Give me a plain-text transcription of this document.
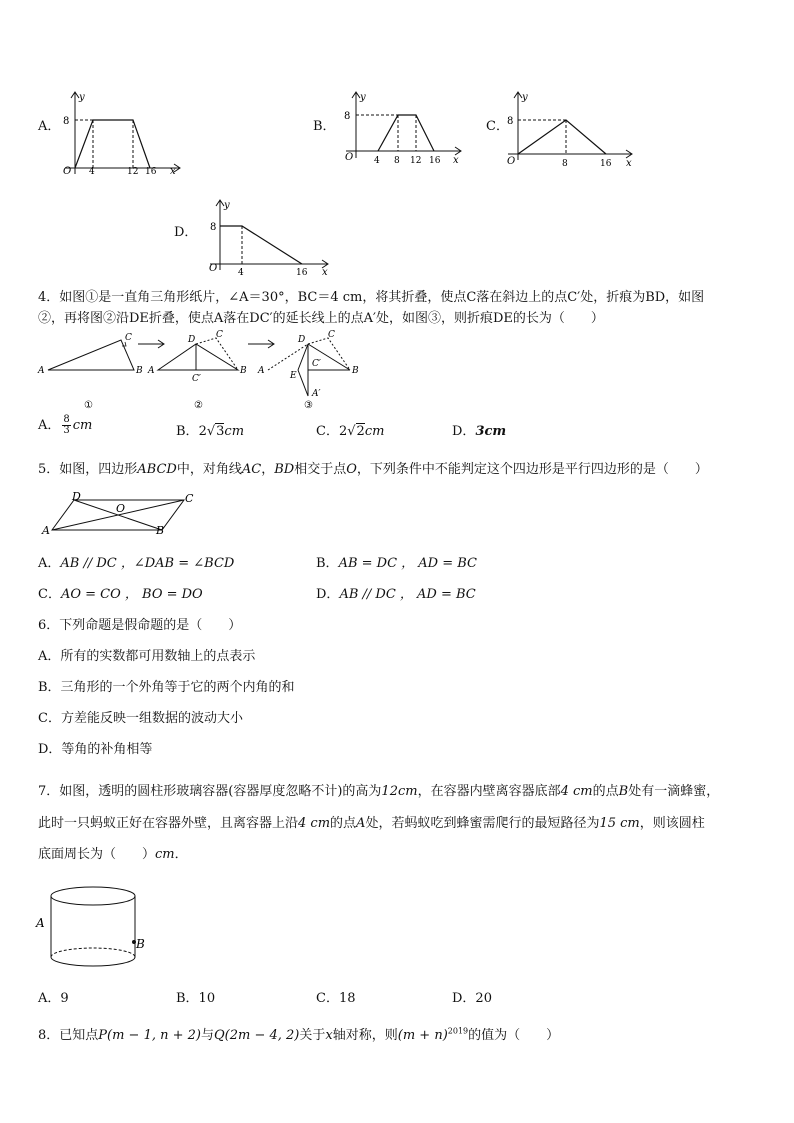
A．
y
8
O 4	12 16 x
B．
y
8
O 4 8 12 16 x
C．
y
8
O	8	16 x
D．
y
8
O 4	16 x
4．如图①是一直角三角形纸片，∠A＝30°，BC＝4 cm，将其折叠，使点C落在斜边上的点C′处，折痕为BD，如图
②，再将图②沿DE折叠，使点A落在DC′的延长线上的点A′处，如图③，则折痕DE的长为（　　）
A	B
C
①
A	B
D C
C′
②
A	B
D	C
C′
E
A′
③
A． $\frac{8}{3}$ cm	B．2√3cm	C．2√2cm	D．3cm
5．如图，四边形ABCD中，对角线AC，BD相交于点O，下列条件中不能判定这个四边形是平行四边形的是（　　）
A	B
C
D
O
A．AB // DC ，∠DAB = ∠BCD	B．AB = DC ， AD = BC
C．AO = CO ， BO = DO	D．AB // DC ， AD = BC
6．下列命题是假命题的是（　　）
A．所有的实数都可用数轴上的点表示
B．三角形的一个外角等于它的两个内角的和
C．方差能反映一组数据的波动大小
D．等角的补角相等
7．如图，透明的圆柱形玻璃容器(容器厚度忽略不计)的高为12cm，在容器内壁离容器底部4 cm的点B处有一滴蜂蜜，
此时一只蚂蚁正好在容器外壁，且离容器上沿4 cm的点A处，若蚂蚁吃到蜂蜜需爬行的最短路径为15 cm，则该圆柱
底面周长为（　　）cm．
A
B
A．9	B．10	C．18	D．20
8．已知点P(m − 1, n + 2)与Q(2m − 4, 2)关于x轴对称，则$(m + n)^{2019}$的值为（　　）
